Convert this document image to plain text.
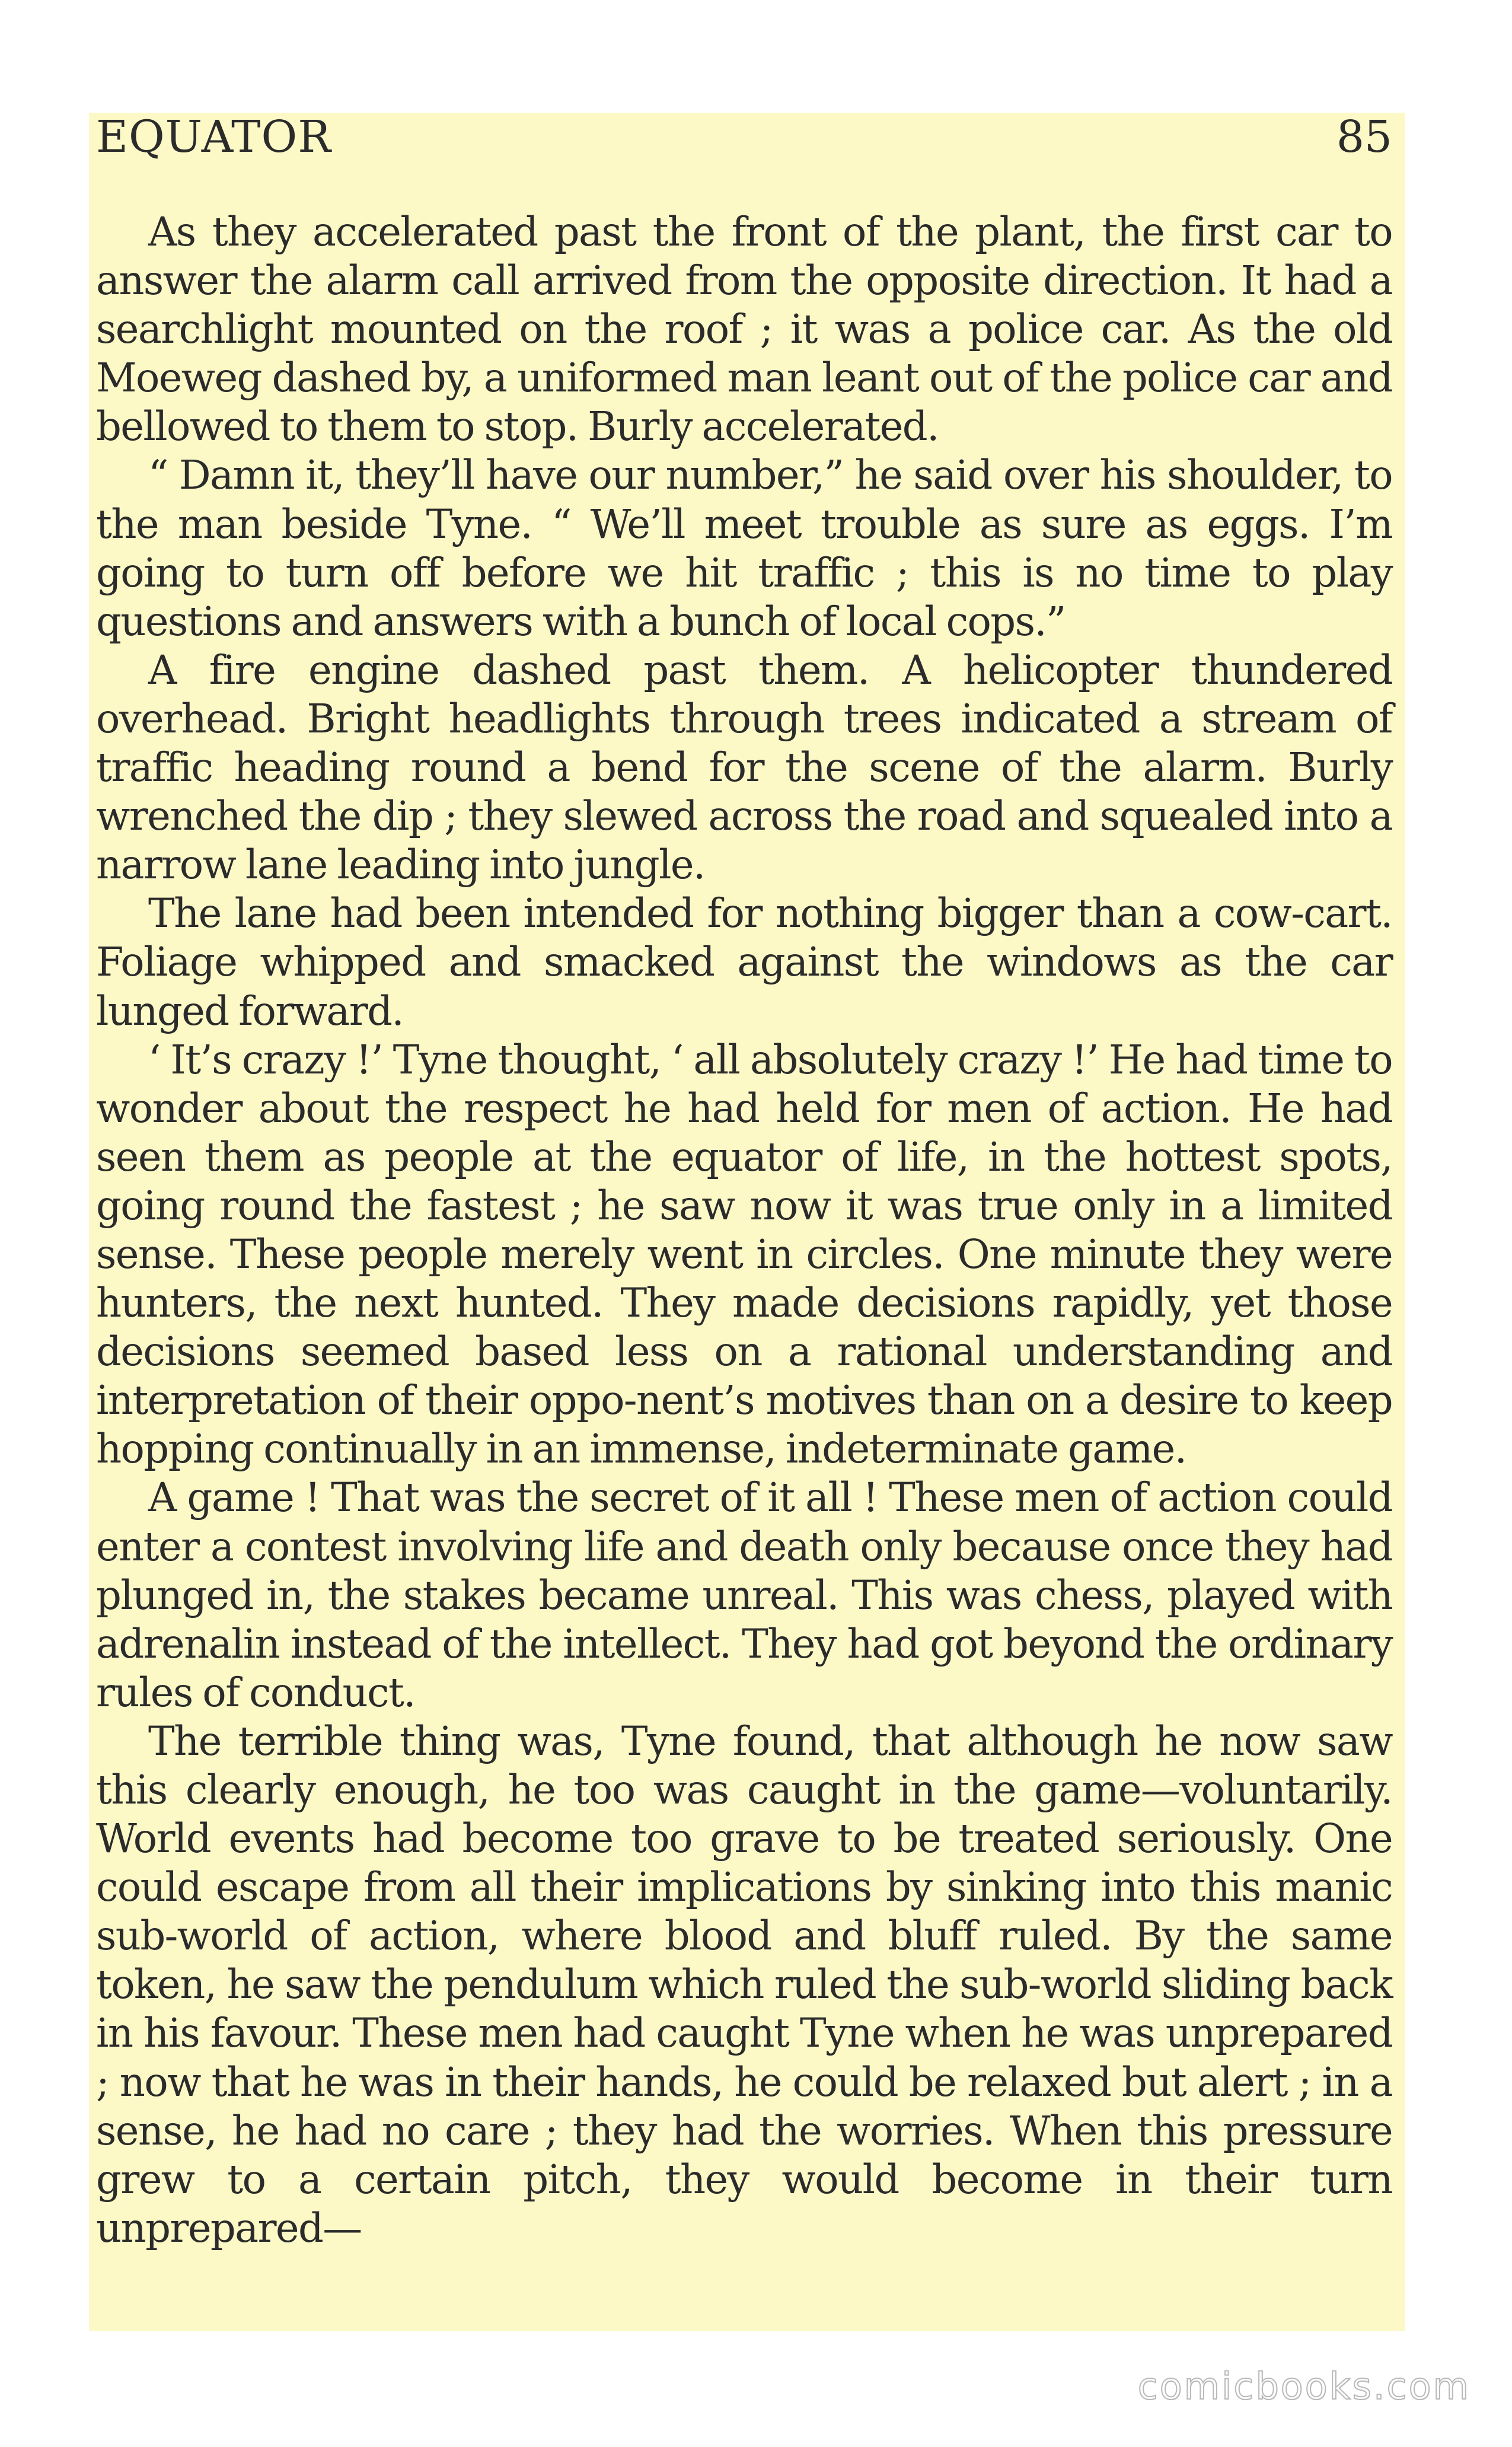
EQUATOR	85

As they accelerated past the front of the plant, the first car to answer the alarm call arrived from the opposite direction. It had a searchlight mounted on the roof ; it was a police car. As the old Moeweg dashed by, a uniformed man leant out of the police car and bellowed to them to stop. Burly accelerated.

“ Damn it, they’ll have our number,” he said over his shoulder, to the man beside Tyne. “ We’ll meet trouble as sure as eggs. I’m going to turn off before we hit traffic ; this is no time to play questions and answers with a bunch of local cops.”

A fire engine dashed past them. A helicopter thundered overhead. Bright headlights through trees indicated a stream of traffic heading round a bend for the scene of the alarm. Burly wrenched the dip ; they slewed across the road and squealed into a narrow lane leading into jungle.

The lane had been intended for nothing bigger than a cow-cart. Foliage whipped and smacked against the windows as the car lunged forward.

‘ It’s crazy !’ Tyne thought, ‘ all absolutely crazy !’ He had time to wonder about the respect he had held for men of action. He had seen them as people at the equator of life, in the hottest spots, going round the fastest ; he saw now it was true only in a limited sense. These people merely went in circles. One minute they were hunters, the next hunted. They made decisions rapidly, yet those decisions seemed based less on a rational understanding and interpretation of their oppo-nent’s motives than on a desire to keep hopping continually in an immense, indeterminate game.

A game ! That was the secret of it all ! These men of action could enter a contest involving life and death only because once they had plunged in, the stakes became unreal. This was chess, played with adrenalin instead of the intellect. They had got beyond the ordinary rules of conduct.

The terrible thing was, Tyne found, that although he now saw this clearly enough, he too was caught in the game—voluntarily. World events had become too grave to be treated seriously. One could escape from all their implications by sinking into this manic sub-world of action, where blood and bluff ruled. By the same token, he saw the pendulum which ruled the sub-world sliding back in his favour. These men had caught Tyne when he was unprepared ; now that he was in their hands, he could be relaxed but alert ; in a sense, he had no care ; they had the worries. When this pressure grew to a certain pitch, they would become in their turn unprepared—

comicbooks.com
